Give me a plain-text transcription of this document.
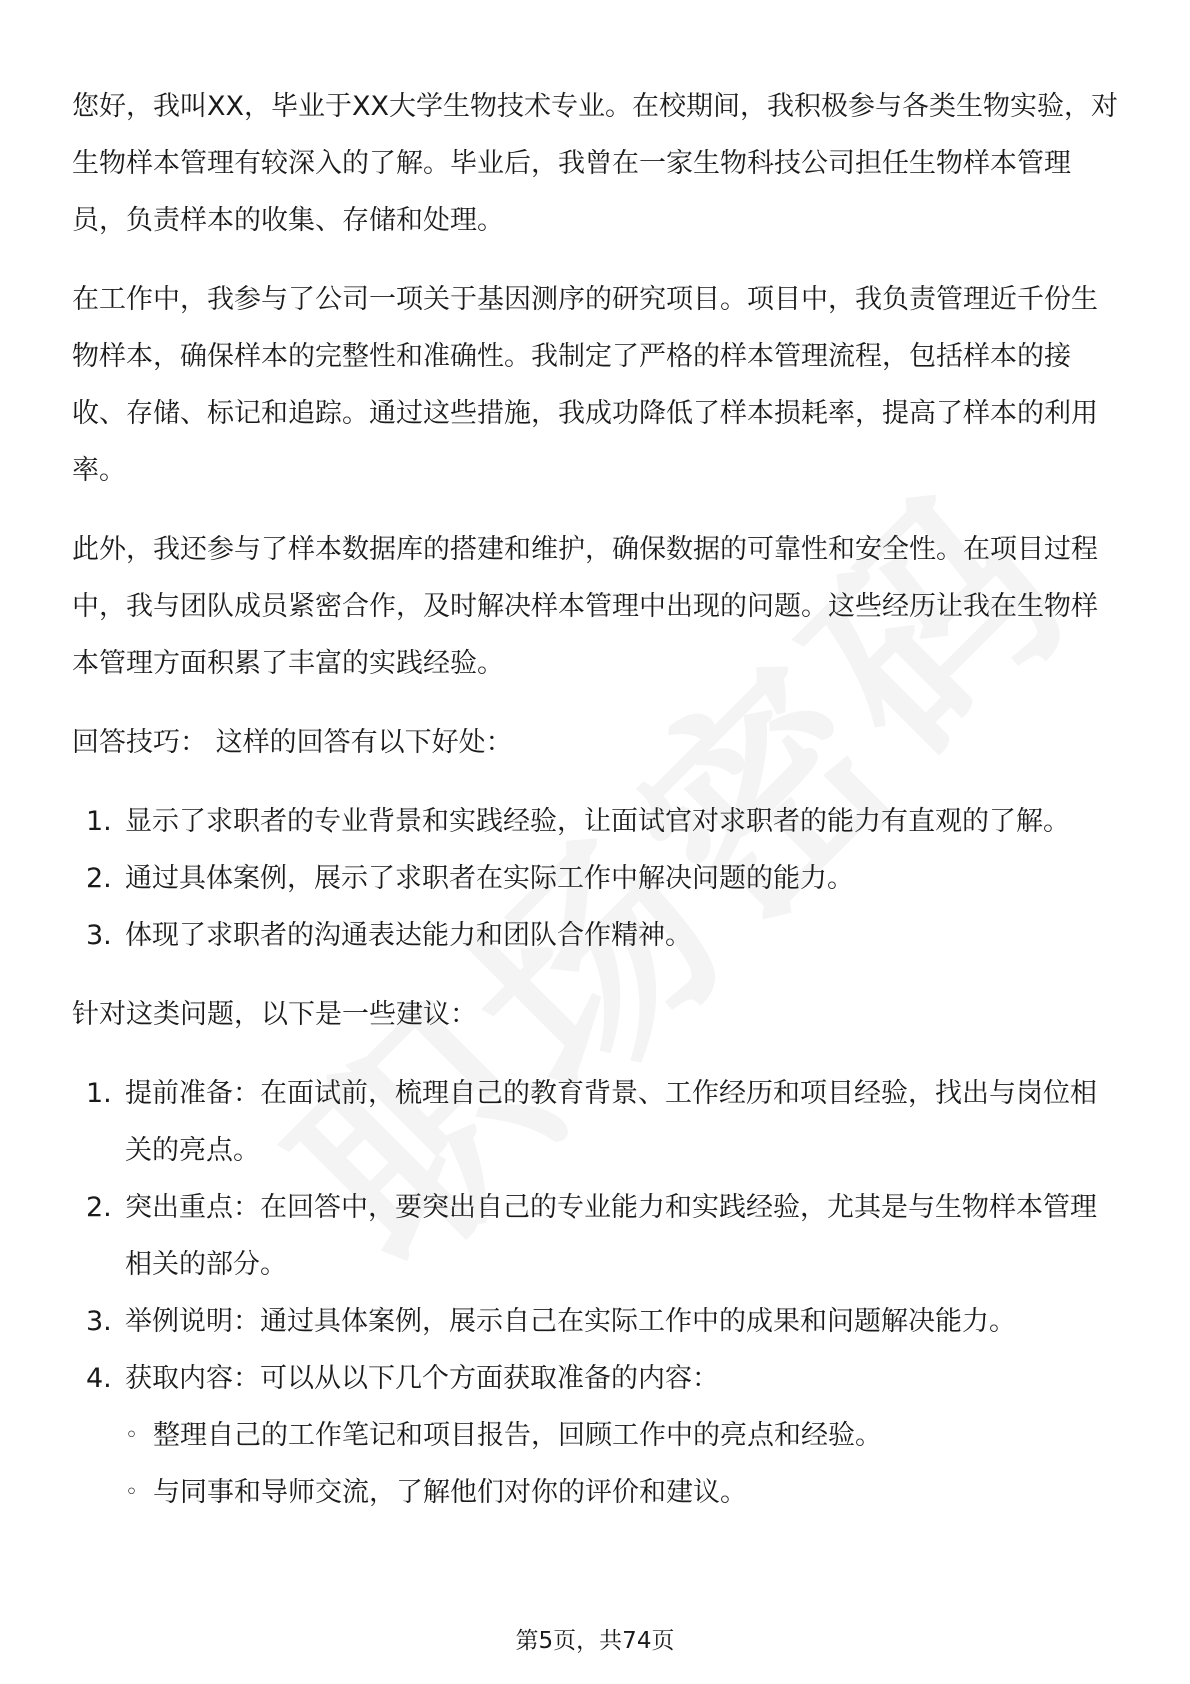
您好，我叫XX，毕业于XX大学生物技术专业。在校期间，我积极参与各类生物实验，对生物样本管理有较深入的了解。毕业后，我曾在一家生物科技公司担任生物样本管理员，负责样本的收集、存储和处理。

在工作中，我参与了公司一项关于基因测序的研究项目。项目中，我负责管理近千份生物样本，确保样本的完整性和准确性。我制定了严格的样本管理流程，包括样本的接收、存储、标记和追踪。通过这些措施，我成功降低了样本损耗率，提高了样本的利用率。

此外，我还参与了样本数据库的搭建和维护，确保数据的可靠性和安全性。在项目过程中，我与团队成员紧密合作，及时解决样本管理中出现的问题。这些经历让我在生物样本管理方面积累了丰富的实践经验。

回答技巧： 这样的回答有以下好处：

1. 显示了求职者的专业背景和实践经验，让面试官对求职者的能力有直观的了解。
2. 通过具体案例，展示了求职者在实际工作中解决问题的能力。
3. 体现了求职者的沟通表达能力和团队合作精神。

针对这类问题，以下是一些建议：

1. 提前准备：在面试前，梳理自己的教育背景、工作经历和项目经验，找出与岗位相关的亮点。
2. 突出重点：在回答中，要突出自己的专业能力和实践经验，尤其是与生物样本管理相关的部分。
3. 举例说明：通过具体案例，展示自己在实际工作中的成果和问题解决能力。
4. 获取内容：可以从以下几个方面获取准备的内容：
◦ 整理自己的工作笔记和项目报告，回顾工作中的亮点和经验。
◦ 与同事和导师交流，了解他们对你的评价和建议。
第5页，共74页
